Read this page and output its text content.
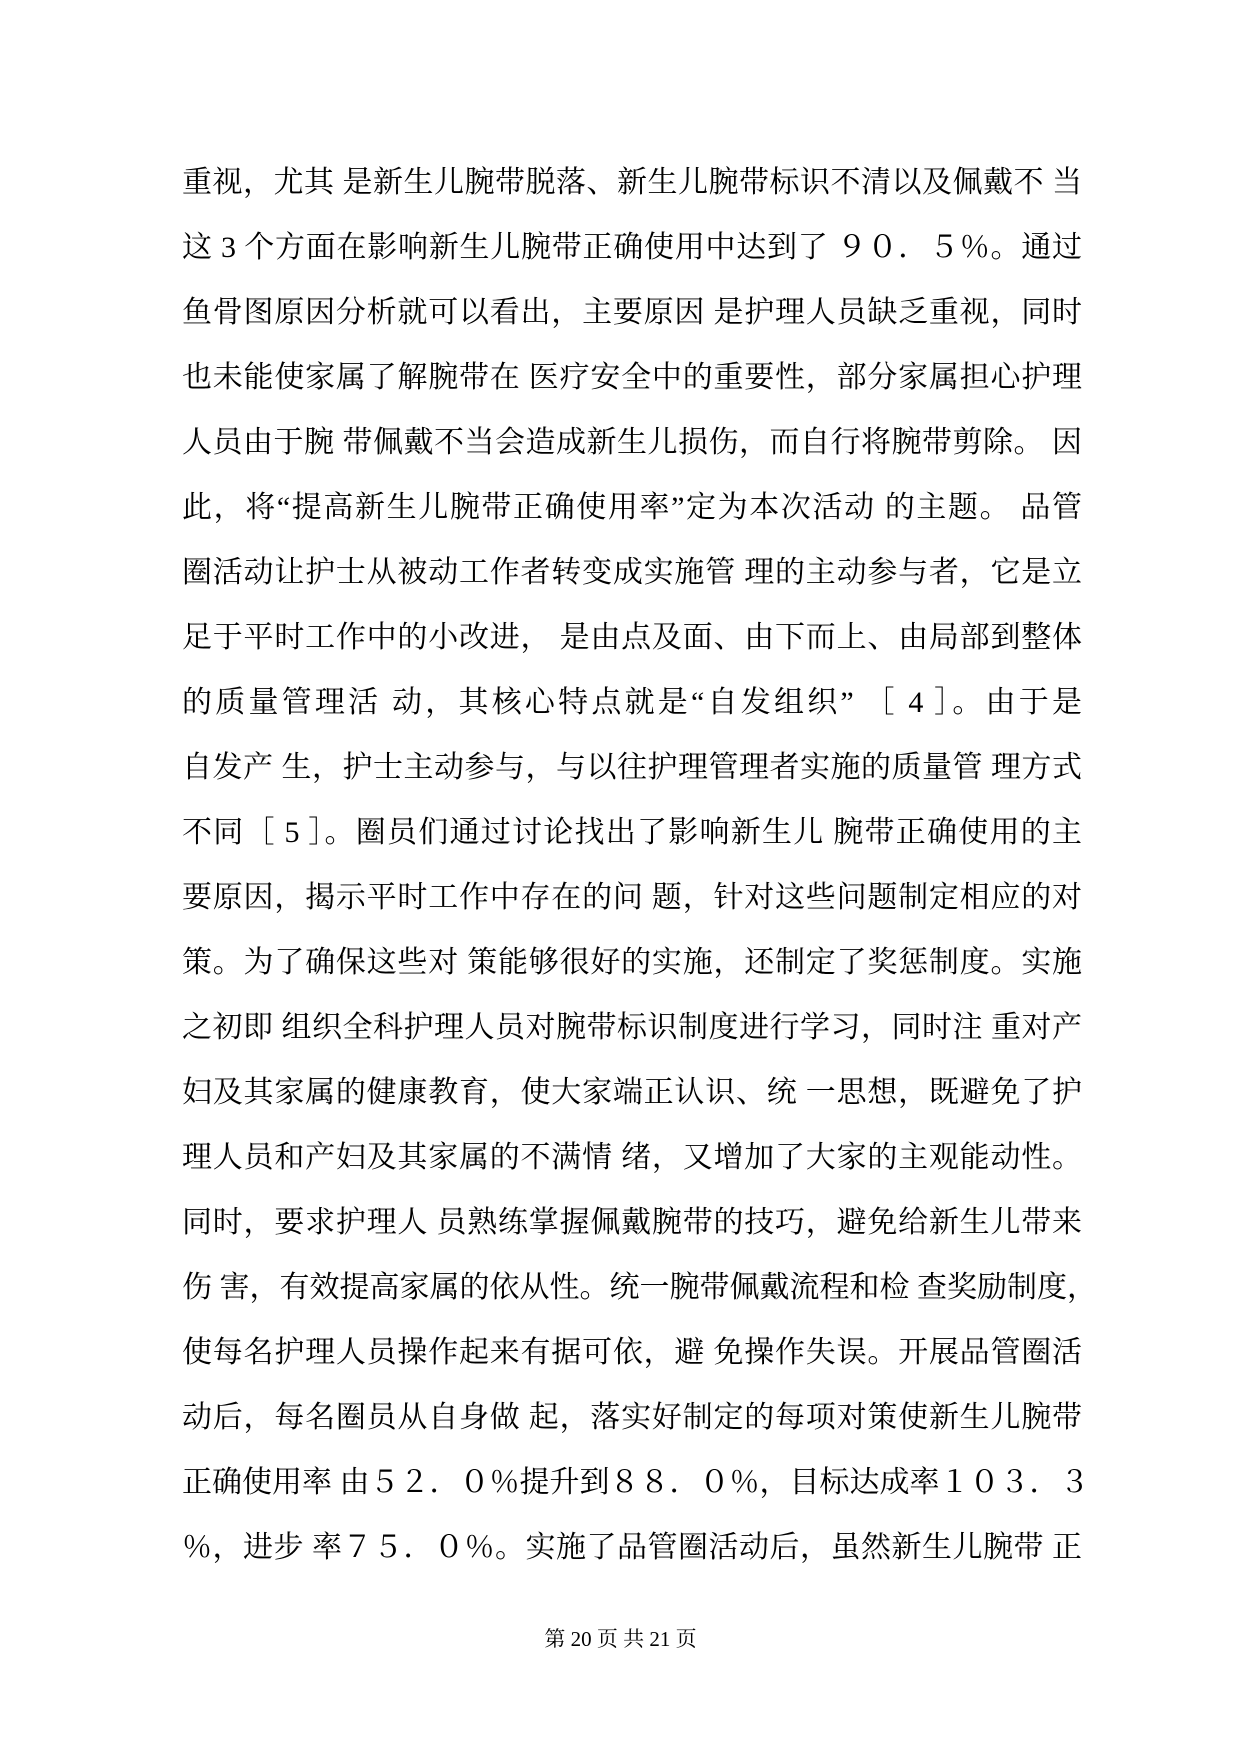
重视，尤其 是新生儿腕带脱落、新生儿腕带标识不清以及佩戴不 当
这 3 个方面在影响新生儿腕带正确使用中达到了 ９０．５％。通过
鱼骨图原因分析就可以看出，主要原因 是护理人员缺乏重视，同时
也未能使家属了解腕带在 医疗安全中的重要性，部分家属担心护理
人员由于腕 带佩戴不当会造成新生儿损伤，而自行将腕带剪除。 因
此，将“提高新生儿腕带正确使用率”定为本次活动 的主题。 品管
圈活动让护士从被动工作者转变成实施管 理的主动参与者，它是立
足于平时工作中的小改进， 是由点及面、由下而上、由局部到整体
的质量管理活 动，其核心特点就是“自发组织” ［ 4 ］。由于是
自发产 生，护士主动参与，与以往护理管理者实施的质量管 理方式
不同［ 5 ］。圈员们通过讨论找出了影响新生儿 腕带正确使用的主
要原因，揭示平时工作中存在的问 题，针对这些问题制定相应的对
策。为了确保这些对 策能够很好的实施，还制定了奖惩制度。实施
之初即 组织全科护理人员对腕带标识制度进行学习，同时注 重对产
妇及其家属的健康教育，使大家端正认识、统 一思想，既避免了护
理人员和产妇及其家属的不满情 绪，又增加了大家的主观能动性。
同时，要求护理人 员熟练掌握佩戴腕带的技巧，避免给新生儿带来
伤 害，有效提高家属的依从性。统一腕带佩戴流程和检 查奖励制度，
使每名护理人员操作起来有据可依，避 免操作失误。开展品管圈活
动后，每名圈员从自身做 起，落实好制定的每项对策使新生儿腕带
正确使用率 由５２．０％提升到８８．０％，目标达成率１０３．３
％，进步 率７５．０％。实施了品管圈活动后，虽然新生儿腕带 正
第 20 页 共 21 页
